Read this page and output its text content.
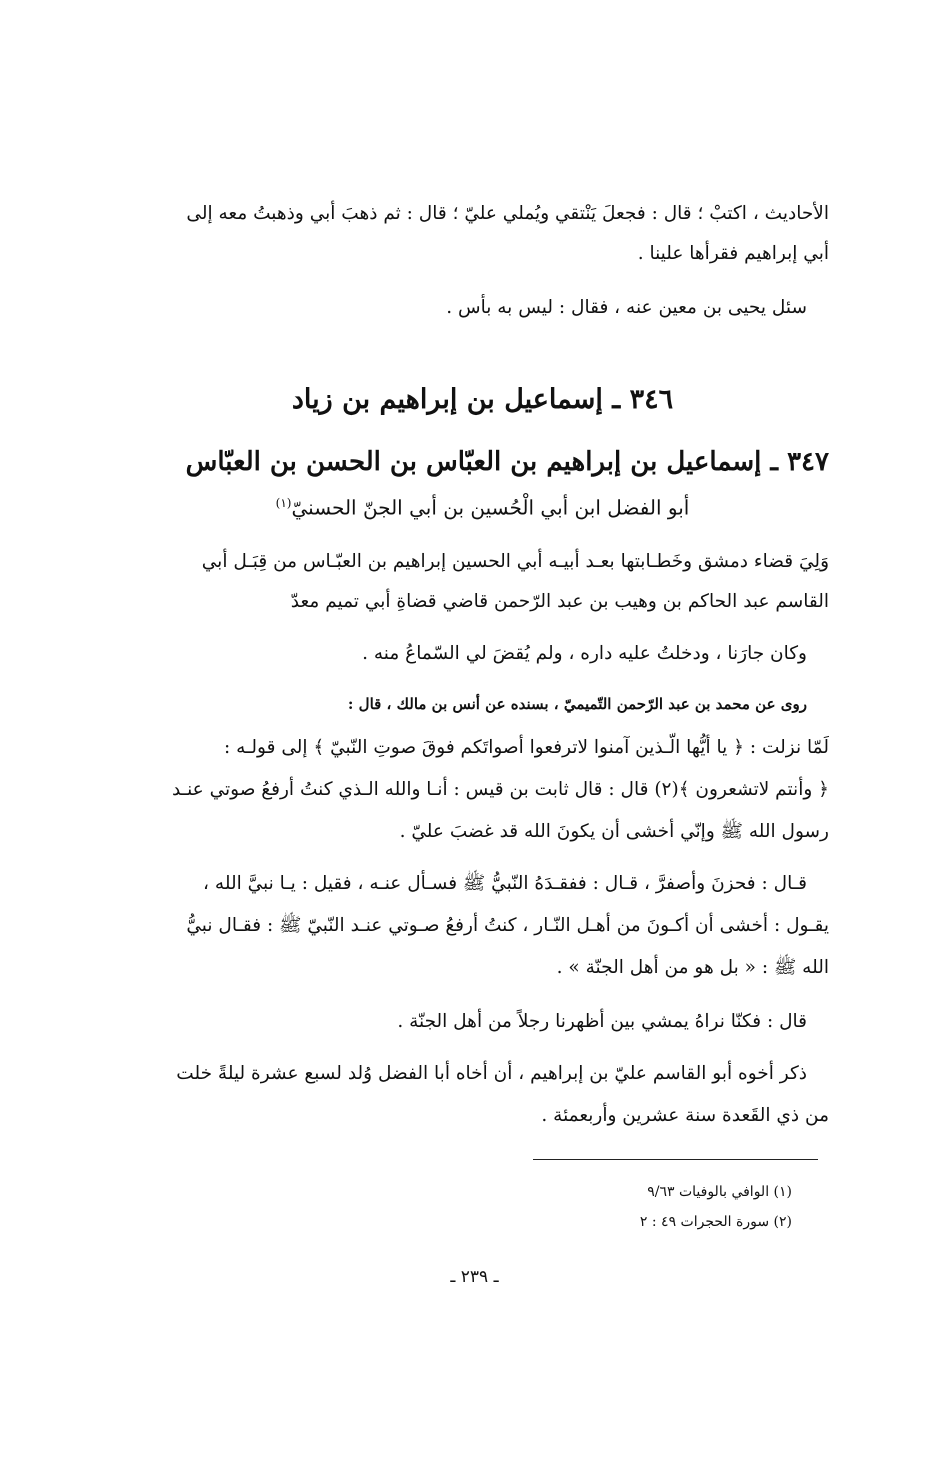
الأحاديث ، اكتبْ ؛ قال : فجعلَ يَنْتقي ويُملي عليّ ؛ قال : ثم ذهبَ أبي وذهبتُ معه إلى
أبي إبراهيم فقرأها علينا .
سئل يحيى بن معين عنه ، فقال : ليس به بأس .
٣٤٦ ـ إسماعيل بن إبراهيم بن زياد
٣٤٧ ـ إسماعيل بن إبراهيم بن العبّاس بن الحسن بن العبّاس
أبو الفضل ابن أبي الْحُسين بن أبي الجنّ الحسنيّ$^{(١)}$
وَلِيَ قضاء دمشق وخَطـابتها بعـد أبيـه أبي الحسين إبراهيم بن العبّـاس من قِبَـل أبي
القاسم عبد الحاكم بن وهيب بن عبد الرّحمن قاضي قضاةِ أبي تميم معدّ
وكان جارَنا ، ودخلتُ عليه داره ، ولم يُقضَ لي السّماعُ منه .
روى عن محمد بن عبد الرّحمن التّميميّ ، بسنده عن أنس بن مالك ، قال :
لَمّا نزلت : ﴿ يا أيُّها الّـذين آمنوا لاترفعوا أصواتَكم فوقَ صوتِ النّبيّ ﴾ إلى قولـه :
﴿ وأنتم لاتشعرون ﴾(٢) قال : قال ثابت بن قيس : أنـا والله الـذي كنتُ أرفعُ صوتي عنـد
رسول الله ﷺ وإنّي أخشى أن يكونَ الله قد غضبَ عليّ .
قـال : فحزنَ وأصفرَّ ، قـال : ففقـدَهُ النّبيُّ ﷺ فسـأل عنـه ، فقيل : يـا نبيَّ الله ،
يقـول : أخشى أن أكـونَ من أهـل النّـار ، كنتُ أرفعُ صـوتي عنـد النّبيّ ﷺ : فقـال نبيُّ
الله ﷺ : « بل هو من أهل الجنّة » .
قال : فكنّا نراهُ يمشي بين أظهرنا رجلاً من أهل الجنّة .
ذكر أخوه أبو القاسم عليّ بن إبراهيم ، أن أخاه أبا الفضل وُلد لسبع عشرة ليلةً خلت
من ذي القَعدة سنة عشرين وأربعمئة .
(١) الوافي بالوفيات ٩/٦٣
(٢) سورة الحجرات ٤٩ : ٢
ـ ٢٣٩ ـ
